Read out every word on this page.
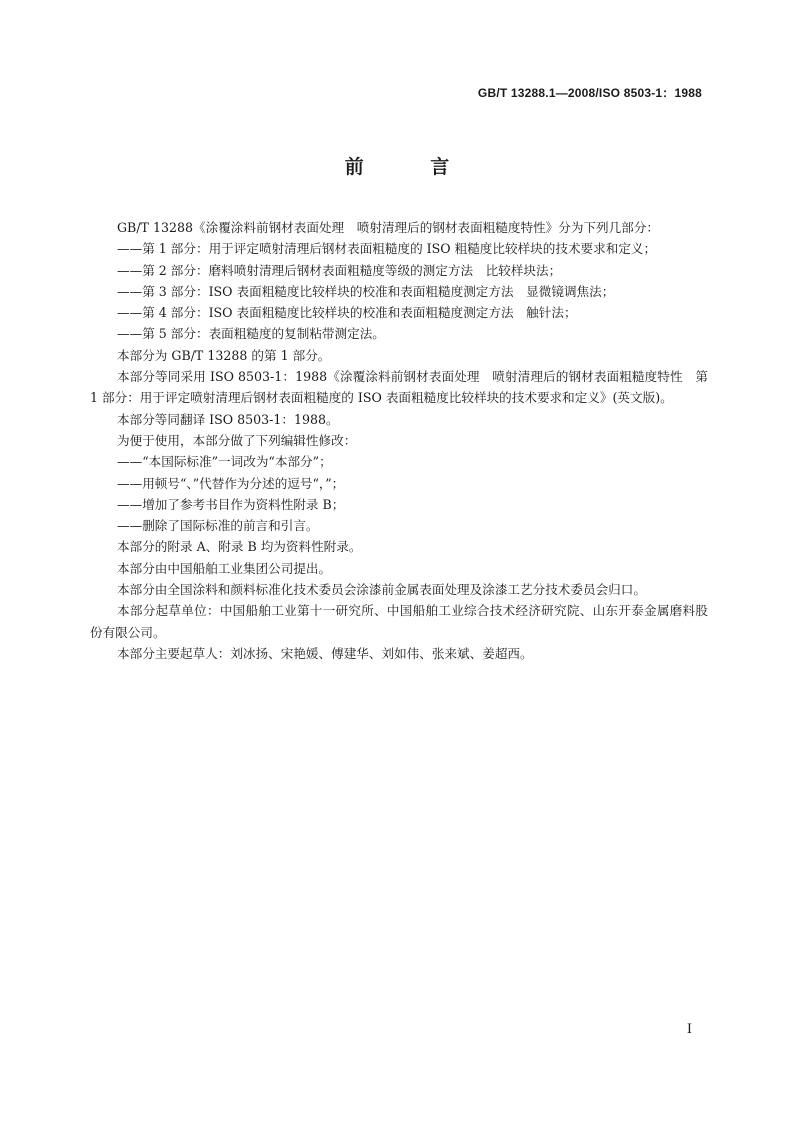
GB/T 13288.1—2008/ISO 8503-1：1988
前 言

GB/T 13288《涂覆涂料前钢材表面处理　喷射清理后的钢材表面粗糙度特性》分为下列几部分：

——第 1 部分：用于评定喷射清理后钢材表面粗糙度的 ISO 粗糙度比较样块的技术要求和定义；

——第 2 部分：磨料喷射清理后钢材表面粗糙度等级的测定方法　比较样块法；

——第 3 部分：ISO 表面粗糙度比较样块的校准和表面粗糙度测定方法　显微镜调焦法；

——第 4 部分：ISO 表面粗糙度比较样块的校准和表面粗糙度测定方法　触针法；

——第 5 部分：表面粗糙度的复制粘带测定法。

本部分为 GB/T 13288 的第 1 部分。

本部分等同采用 ISO 8503-1：1988《涂覆涂料前钢材表面处理　喷射清理后的钢材表面粗糙度特性　第 1 部分：用于评定喷射清理后钢材表面粗糙度的 ISO 表面粗糙度比较样块的技术要求和定义》(英文版)。

本部分等同翻译 ISO 8503-1：1988。

为便于使用，本部分做了下列编辑性修改：

——“本国际标准”一词改为“本部分”；

——用顿号“、”代替作为分述的逗号“，”；

——增加了参考书目作为资料性附录 B；

——删除了国际标准的前言和引言。

本部分的附录 A、附录 B 均为资料性附录。

本部分由中国船舶工业集团公司提出。

本部分由全国涂料和颜料标准化技术委员会涂漆前金属表面处理及涂漆工艺分技术委员会归口。

本部分起草单位：中国船舶工业第十一研究所、中国船舶工业综合技术经济研究院、山东开泰金属磨料股份有限公司。

本部分主要起草人：刘冰扬、宋艳媛、傅建华、刘如伟、张来斌、姜超西。

I
